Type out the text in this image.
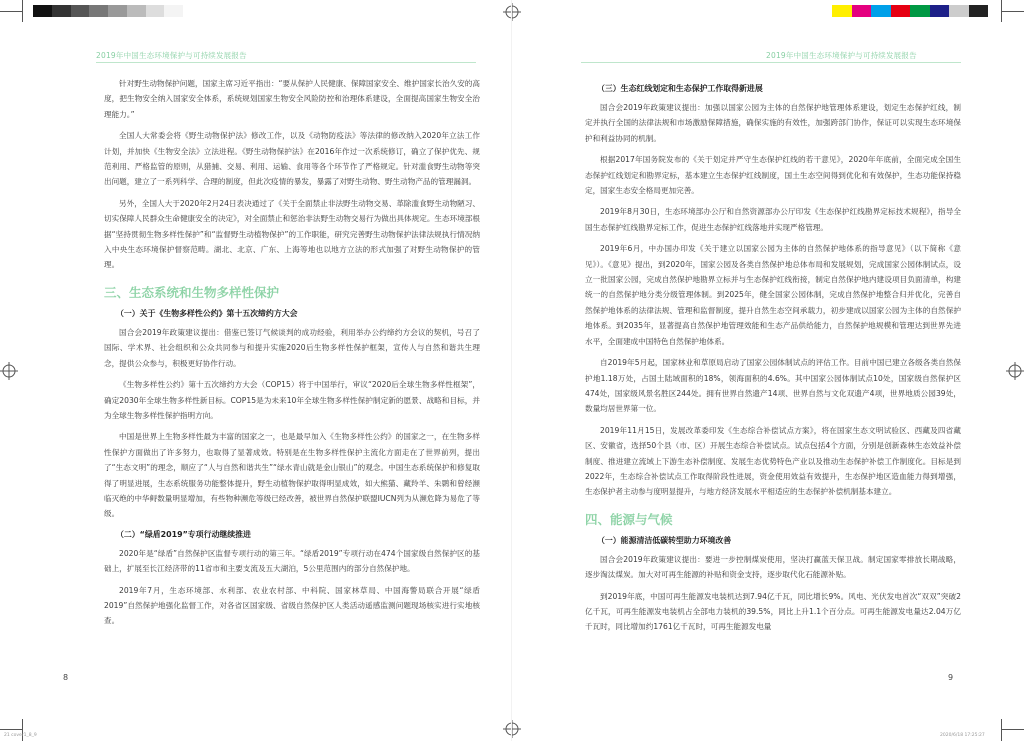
2019年中国生态环境保护与可持续发展报告	2019年中国生态环境保护与可持续发展报告
针对野生动物保护问题，国家主席习近平指出：“要从保护人民健康、保障国家安全、维护国家长治久安的高度，把生物安全纳入国家安全体系，系统规划国家生物安全风险防控和治理体系建设，全面提高国家生物安全治理能力。”
全国人大常委会将《野生动物保护法》修改工作，以及《动物防疫法》等法律的修改纳入2020年立法工作计划，并加快《生物安全法》立法进程。《野生动物保护法》在2016年作过一次系统修订，确立了保护优先、规范利用、严格监管的原则，从猎捕、交易、利用、运输、食用等各个环节作了严格规定。针对滥食野生动物等突出问题，建立了一系列科学、合理的制度，但此次疫情的暴发，暴露了对野生动物、野生动物产品的管理漏洞。
另外，全国人大于2020年2月24日表决通过了《关于全面禁止非法野生动物交易、革除滥食野生动物陋习、切实保障人民群众生命健康安全的决定》，对全面禁止和惩治非法野生动物交易行为做出具体规定。生态环境部根据“坚持贯彻生物多样性保护”和“监督野生动植物保护”的工作职能，研究完善野生动物保护法律法规执行情况纳入中央生态环境保护督察范畴。湖北、北京、广东、上海等地也以地方立法的形式加强了对野生动物保护的管理。
三、生态系统和生物多样性保护
（一）关于《生物多样性公约》第十五次缔约方大会
国合会2019年政策建议提出：借鉴已签订气候谈判的成功经验，利用举办公约缔约方会议的契机，号召了国际、学术界、社会组织和公众共同参与和提升实施2020后生物多样性保护框架，宣传人与自然和谐共生理念，提供公众参与，积极更好协作行动。
《生物多样性公约》第十五次缔约方大会（COP15）将于中国举行，审议“2020后全球生物多样性框架”，确定2030年全球生物多样性新目标。COP15是为未来10年全球生物多样性保护制定新的愿景、战略和目标，并为全球生物多样性保护指明方向。
中国是世界上生物多样性最为丰富的国家之一，也是最早加入《生物多样性公约》的国家之一，在生物多样性保护方面做出了许多努力，也取得了显著成效。特别是在生物多样性保护主流化方面走在了世界前列，提出了“生态文明”的理念，顺应了“人与自然和谐共生”“绿水青山就是金山银山”的观念。中国生态系统保护和修复取得了明显进展，生态系统服务功能整体提升，野生动植物保护取得明显成效，如大熊猫、藏羚羊、朱鹮和曾经濒临灭绝的中华鲟数量明显增加，有些物种濒危等级已经改善，被世界自然保护联盟IUCN列为从濒危降为易危了等级。
（二）“绿盾2019”专项行动继续推进
2020年是“绿盾”自然保护区监督专项行动的第三年。“绿盾2019”专项行动在474个国家级自然保护区的基础上，扩展至长江经济带的11省市和主要支流及五大湖泊，5公里范围内的部分自然保护地。
2019年7月，生态环境部、水利部、农业农村部、中科院、国家林草局、中国海警局联合开展“绿盾2019”自然保护地强化监督工作，对各省区国家级、省级自然保护区人类活动遥感监测问题现场核实进行实地核查。
8
（三）生态红线划定和生态保护工作取得新进展
国合会2019年政策建议提出：加强以国家公园为主体的自然保护地管理体系建设，划定生态保护红线，制定并执行全国的法律法规和市场激励保障措施，确保实施的有效性，加强跨部门协作，保证可以实现生态环境保护和利益协同的机制。
根据2017年国务院发布的《关于划定并严守生态保护红线的若干意见》，2020年年底前，全面完成全国生态保护红线划定和勘界定标，基本建立生态保护红线制度，国土生态空间得到优化和有效保护，生态功能保持稳定，国家生态安全格局更加完善。
2019年8月30日，生态环境部办公厅和自然资源部办公厅印发《生态保护红线勘界定标技术规程》，指导全国生态保护红线勘界定标工作，促进生态保护红线落地并实现严格管理。
2019年6月，中办国办印发《关于建立以国家公园为主体的自然保护地体系的指导意见》（以下简称《意见》）。《意见》提出，到2020年，国家公园及各类自然保护地总体布局和发展规划，完成国家公园体制试点，设立一批国家公园，完成自然保护地勘界立标并与生态保护红线衔接，制定自然保护地内建设项目负面清单，构建统一的自然保护地分类分级管理体制。到2025年，健全国家公园体制，完成自然保护地整合归并优化，完善自然保护地体系的法律法规、管理和监督制度，提升自然生态空间承载力，初步建成以国家公园为主体的自然保护地体系。到2035年，显著提高自然保护地管理效能和生态产品供给能力，自然保护地规模和管理达到世界先进水平，全面建成中国特色自然保护地体系。
自2019年5月起，国家林业和草原局启动了国家公园体制试点的评估工作。目前中国已建立各级各类自然保护地1.18万处，占国土陆域面积的18%，领海面积的4.6%。其中国家公园体制试点10处，国家级自然保护区474处，国家级风景名胜区244处。拥有世界自然遗产14项、世界自然与文化双遗产4项，世界地质公园39处，数量均居世界第一位。
2019年11月15日，发展改革委印发《生态综合补偿试点方案》，将在国家生态文明试验区、西藏及四省藏区、安徽省，选择50个县（市、区）开展生态综合补偿试点。试点包括4个方面，分别是创新森林生态效益补偿制度、推进建立流域上下游生态补偿制度、发展生态优势特色产业以及推动生态保护补偿工作制度化。目标是到2022年，生态综合补偿试点工作取得阶段性进展，资金使用效益有效提升，生态保护地区造血能力得到增强，生态保护者主动参与度明显提升，与地方经济发展水平相适应的生态保护补偿机制基本建立。
四、能源与气候
（一）能源清洁低碳转型助力环境改善
国合会2019年政策建议提出：要进一步控制煤炭使用，坚决打赢蓝天保卫战。制定国家零排放长期战略，逐步淘汰煤炭。加大对可再生能源的补贴和资金支持，逐步取代化石能源补贴。
到2019年底，中国可再生能源发电装机达到7.94亿千瓦，同比增长9%。风电、光伏发电首次“双双”突破2亿千瓦，可再生能源发电装机占全部电力装机的39.5%，同比上升1.1个百分点。可再生能源发电量达2.04万亿千瓦时，同比增加约1761亿千瓦时，可再生能源发电量
9
21 cover1_8_9	2020/6/18 17:25:27
